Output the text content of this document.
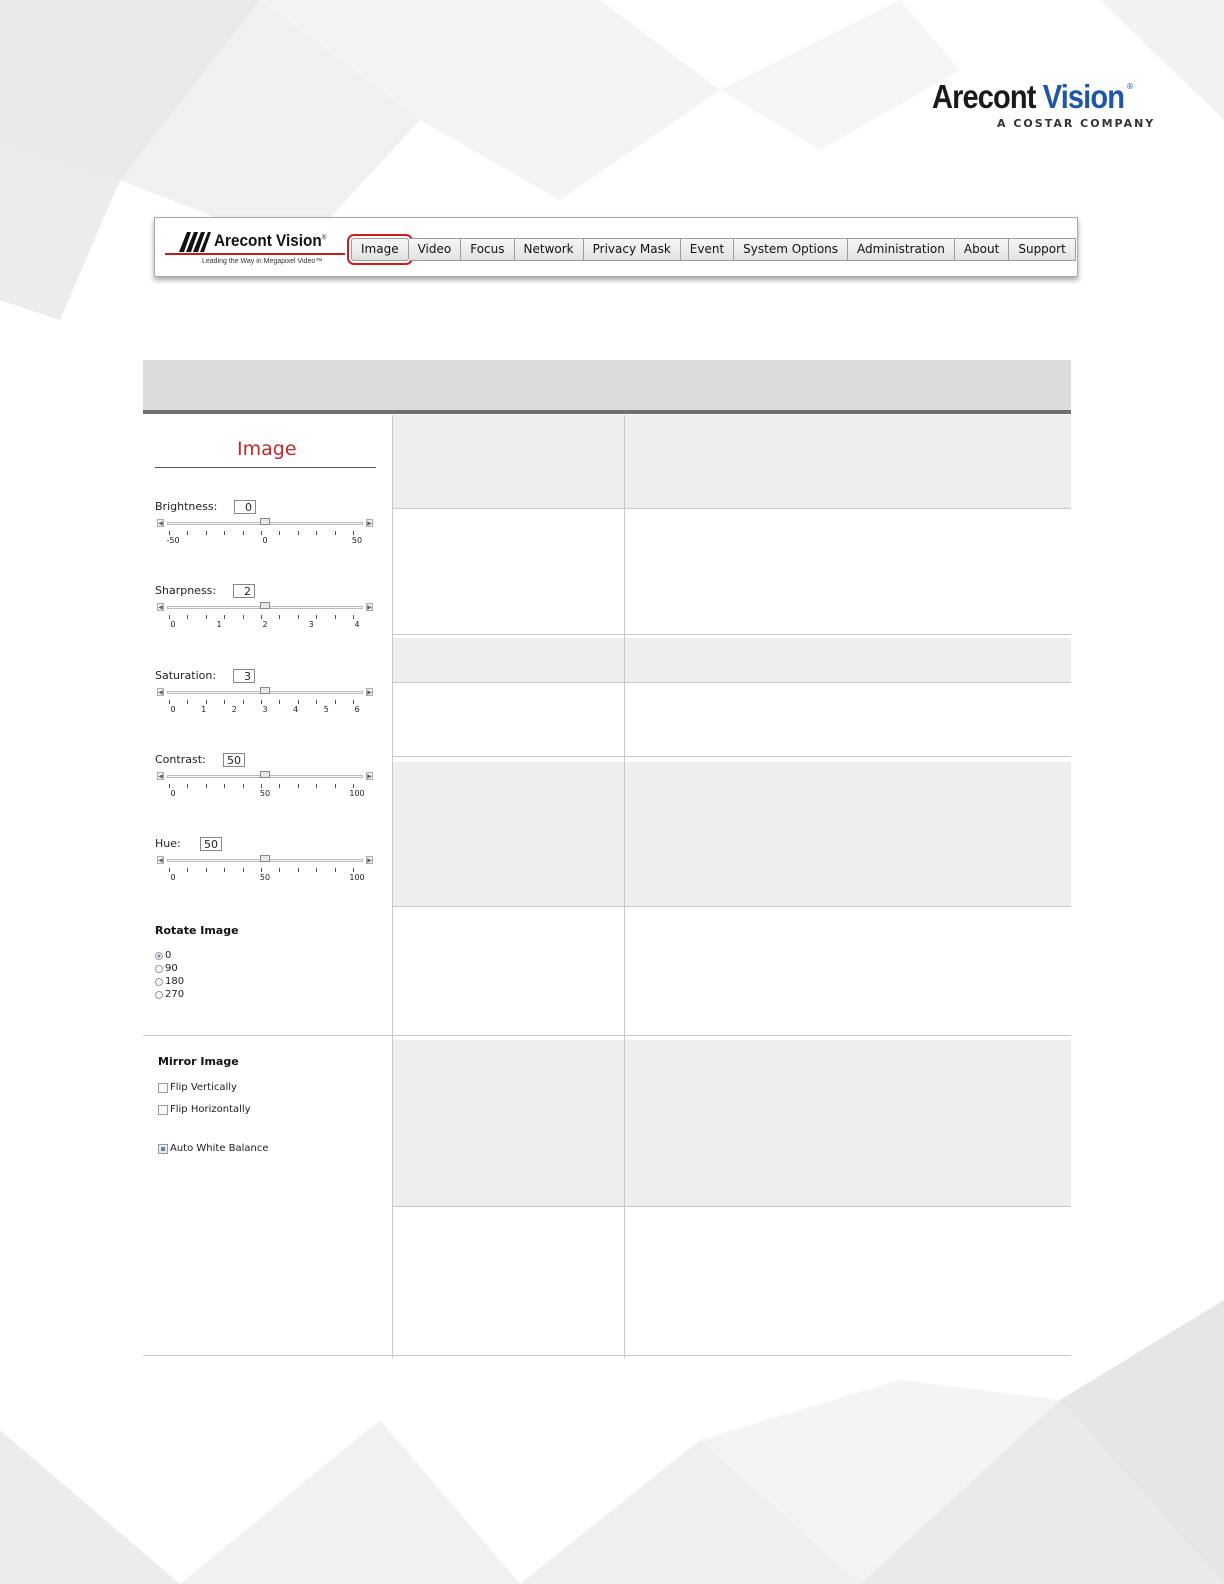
Arecont Vision ®
A COSTAR COMPANY
Arecont Vision®
Leading the Way in Megapixel Video™
Image	Video	Focus	Network	Privacy Mask	Event	System Options	Administration	About	Support
Image
Brightness:	0
◀	▶
-50	0	50
Sharpness:	2
◀	▶
0	1	2	3	4
Saturation:	3
◀	▶
0	1	2	3	4	5	6
Contrast:	50
◀	▶
0	50	100
Hue:	50
◀	▶
0	50	100
Rotate Image
0
90
180
270
Mirror Image
Flip Vertically
Flip Horizontally
Auto White Balance
